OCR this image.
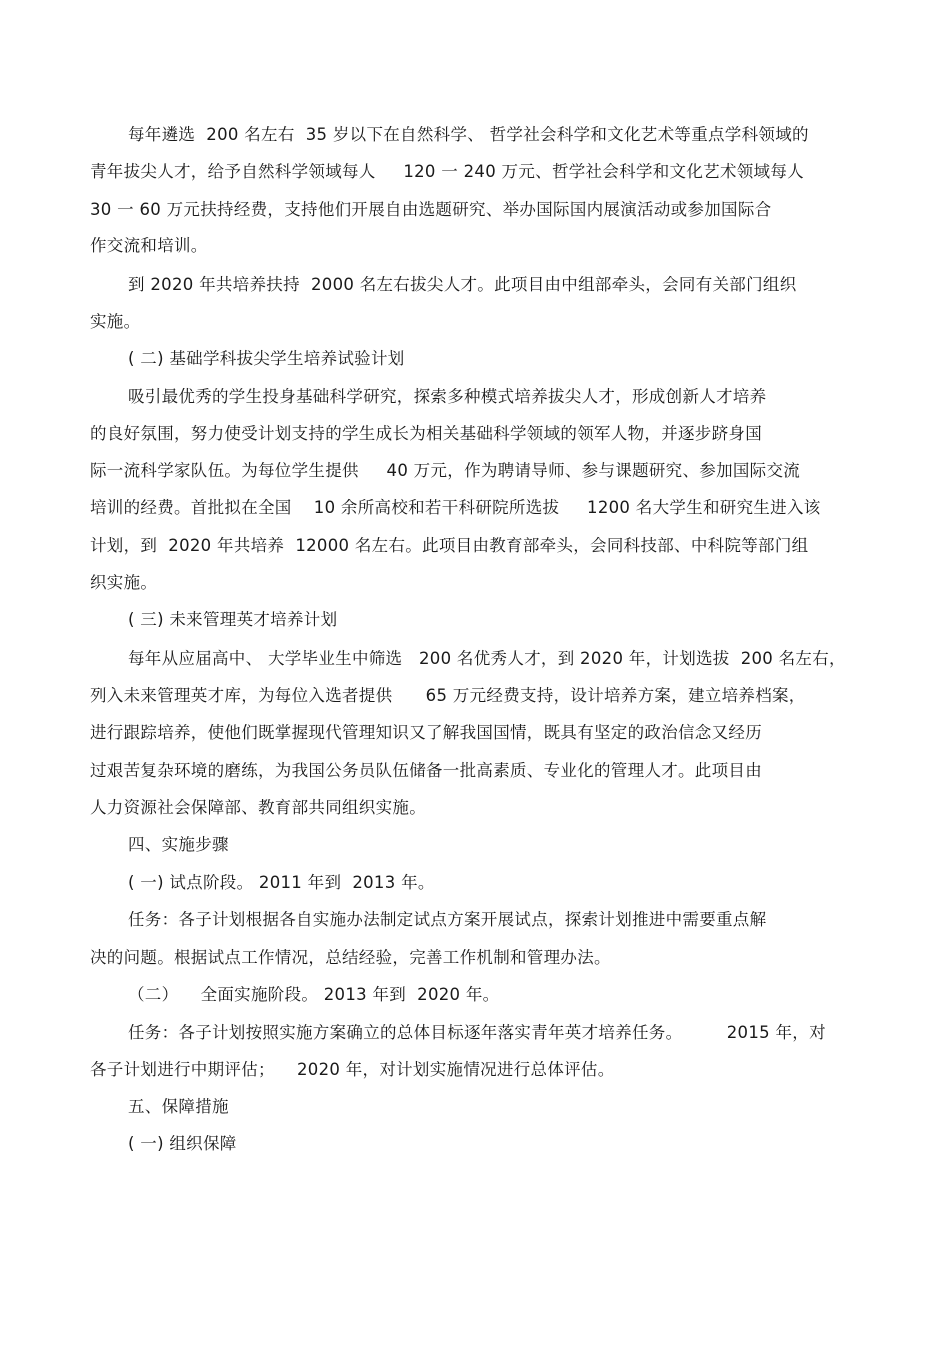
每年遴选  200 名左右  35 岁以下在自然科学、 哲学社会科学和文化艺术等重点学科领域的
青年拔尖人才，给予自然科学领域每人     120 一 240 万元、哲学社会科学和文化艺术领域每人
30 一 60 万元扶持经费，支持他们开展自由选题研究、举办国际国内展演活动或参加国际合
作交流和培训。
到 2020 年共培养扶持  2000 名左右拔尖人才。此项目由中组部牵头，会同有关部门组织
实施。
( 二) 基础学科拔尖学生培养试验计划
吸引最优秀的学生投身基础科学研究，探索多种模式培养拔尖人才，形成创新人才培养
的良好氛围，努力使受计划支持的学生成长为相关基础科学领域的领军人物，并逐步跻身国
际一流科学家队伍。为每位学生提供     40 万元，作为聘请导师、参与课题研究、参加国际交流
培训的经费。首批拟在全国    10 余所高校和若干科研院所选拔     1200 名大学生和研究生进入该
计划，到  2020 年共培养  12000 名左右。此项目由教育部牵头，会同科技部、中科院等部门组
织实施。
( 三) 未来管理英才培养计划
每年从应届高中、 大学毕业生中筛选   200 名优秀人才，到 2020 年，计划选拔  200 名左右，
列入未来管理英才库，为每位入选者提供      65 万元经费支持，设计培养方案，建立培养档案，
进行跟踪培养，使他们既掌握现代管理知识又了解我国国情，既具有坚定的政治信念又经历
过艰苦复杂环境的磨练，为我国公务员队伍储备一批高素质、专业化的管理人才。此项目由
人力资源社会保障部、教育部共同组织实施。
四、实施步骤
( 一) 试点阶段。 2011 年到  2013 年。
任务：各子计划根据各自实施办法制定试点方案开展试点，探索计划推进中需要重点解
决的问题。根据试点工作情况，总结经验，完善工作机制和管理办法。
（二）    全面实施阶段。 2013 年到  2020 年。
任务：各子计划按照实施方案确立的总体目标逐年落实青年英才培养任务。        2015 年，对
各子计划进行中期评估；    2020 年，对计划实施情况进行总体评估。
五、保障措施
( 一) 组织保障
